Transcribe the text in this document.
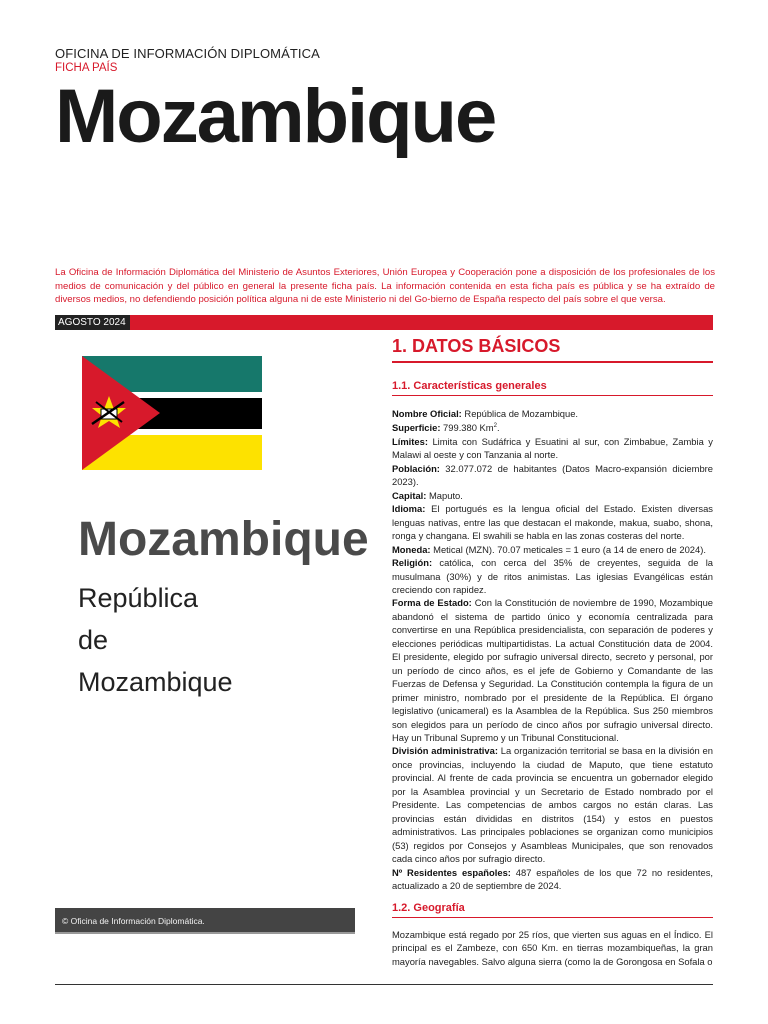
OFICINA DE INFORMACIÓN DIPLOMÁTICA
FICHA PAÍS
Mozambique
La Oficina de Información Diplomática del Ministerio de Asuntos Exteriores, Unión Europea y Cooperación pone a disposición de los profesionales de los medios de comunicación y del público en general la presente ficha país. La información contenida en esta ficha país es pública y se ha extraído de diversos medios, no defendiendo posición política alguna ni de este Ministerio ni del Go-bierno de España respecto del país sobre el que versa.
AGOSTO 2024
Mozambique
República
de
Mozambique
© Oficina de Información Diplomática.
1. DATOS BÁSICOS
1.1. Características generales

Nombre Oficial: República de Mozambique.

Superficie: 799.380 Km$^2$.

Límites: Limita con Sudáfrica y Esuatini al sur, con Zimbabue, Zambia y Malawi al oeste y con Tanzania al norte.

Población: 32.077.072 de habitantes (Datos Macro-expansión diciembre 2023).

Capital: Maputo.

Idioma: El portugués es la lengua oficial del Estado. Existen diversas lenguas nativas, entre las que destacan el makonde, makua, suabo, shona, ronga y changana. El swahili se habla en las zonas costeras del norte.

Moneda: Metical (MZN). 70.07 meticales = 1 euro (a 14 de enero de 2024).

Religión: católica, con cerca del 35% de creyentes, seguida de la musulmana (30%) y de ritos animistas. Las iglesias Evangélicas están creciendo con rapidez.

Forma de Estado: Con la Constitución de noviembre de 1990, Mozambique abandonó el sistema de partido único y economía centralizada para convertirse en una República presidencialista, con separación de poderes y elecciones periódicas multipartidistas. La actual Constitución data de 2004. El presidente, elegido por sufragio universal directo, secreto y personal, por un período de cinco años, es el jefe de Gobierno y Comandante de las Fuerzas de Defensa y Seguridad. La Constitución contempla la figura de un primer ministro, nombrado por el presidente de la República. El órgano legislativo (unicameral) es la Asamblea de la República. Sus 250 miembros son elegidos para un período de cinco años por sufragio universal directo. Hay un Tribunal Supremo y un Tribunal Constitucional.

División administrativa: La organización territorial se basa en la división en once provincias, incluyendo la ciudad de Maputo, que tiene estatuto provincial. Al frente de cada provincia se encuentra un gobernador elegido por la Asamblea provincial y un Secretario de Estado nombrado por el Presidente. Las competencias de ambos cargos no están claras. Las provincias están divididas en distritos (154) y estos en puestos administrativos. Las principales poblaciones se organizan como municipios (53) regidos por Consejos y Asambleas Municipales, que son renovados cada cinco años por sufragio directo.

Nº Residentes españoles: 487 españoles de los que 72 no residentes, actualizado a 20 de septiembre de 2024.

1.2. Geografía
Mozambique está regado por 25 ríos, que vierten sus aguas en el Índico. El principal es el Zambeze, con 650 Km. en tierras mozambiqueñas, la gran mayoría navegables. Salvo alguna sierra (como la de Gorongosa en Sofala o
